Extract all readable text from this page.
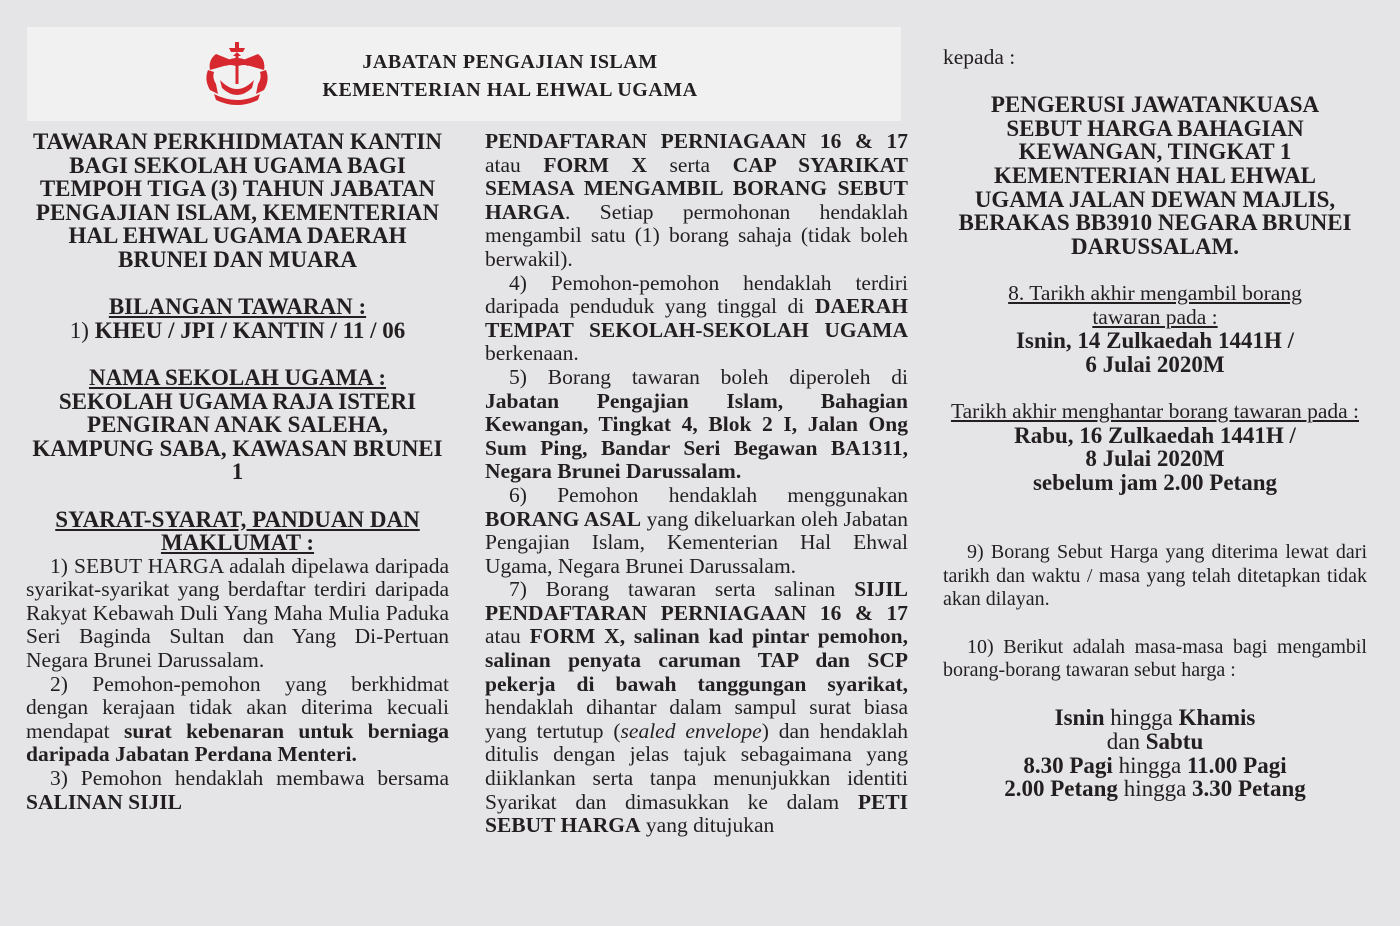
JABATAN PENGAJIAN ISLAM
KEMENTERIAN HAL EHWAL UGAMA

TAWARAN PERKHIDMATAN KANTIN BAGI SEKOLAH UGAMA BAGI TEMPOH TIGA (3) TAHUN JABATAN PENGAJIAN ISLAM, KEMENTERIAN HAL EHWAL UGAMA DAERAH BRUNEI DAN MUARA

BILANGAN TAWARAN :

1) KHEU / JPI / KANTIN / 11 / 06

NAMA SEKOLAH UGAMA :

SEKOLAH UGAMA RAJA ISTERI PENGIRAN ANAK SALEHA, KAMPUNG SABA, KAWASAN BRUNEI 1

SYARAT-SYARAT, PANDUAN DAN MAKLUMAT :

1) SEBUT HARGA adalah dipelawa daripada syarikat-syarikat yang berdaftar terdiri daripada Rakyat Kebawah Duli Yang Maha Mulia Paduka Seri Baginda Sultan dan Yang Di-Pertuan Negara Brunei Darussalam.

2) Pemohon-pemohon yang berkhidmat dengan kerajaan tidak akan diterima kecuali mendapat surat kebenaran untuk berniaga daripada Jabatan Perdana Menteri.

3) Pemohon hendaklah membawa bersama SALINAN SIJIL

PENDAFTARAN PERNIAGAAN 16 & 17 atau FORM X serta CAP SYARIKAT SEMASA MENGAMBIL BORANG SEBUT HARGA. Setiap permohonan hendaklah mengambil satu (1) borang sahaja (tidak boleh berwakil).

4) Pemohon-pemohon hendaklah terdiri daripada penduduk yang tinggal di DAERAH TEMPAT SEKOLAH-SEKOLAH UGAMA berkenaan.

5) Borang tawaran boleh diperoleh di Jabatan Pengajian Islam, Bahagian Kewangan, Tingkat 4, Blok 2 I, Jalan Ong Sum Ping, Bandar Seri Begawan BA1311, Negara Brunei Darussalam.

6) Pemohon hendaklah menggunakan BORANG ASAL yang dikeluarkan oleh Jabatan Pengajian Islam, Kementerian Hal Ehwal Ugama, Negara Brunei Darussalam.

7) Borang tawaran serta salinan SIJIL PENDAFTARAN PERNIAGAAN 16 & 17 atau FORM X, salinan kad pintar pemohon, salinan penyata caruman TAP dan SCP pekerja di bawah tanggungan syarikat, hendaklah dihantar dalam sampul surat biasa yang tertutup (sealed envelope) dan hendaklah ditulis dengan jelas tajuk sebagaimana yang diiklankan serta tanpa menunjukkan identiti Syarikat dan dimasukkan ke dalam PETI SEBUT HARGA yang ditujukan

kepada :

PENGERUSI JAWATANKUASA SEBUT HARGA BAHAGIAN KEWANGAN, TINGKAT 1 KEMENTERIAN HAL EHWAL UGAMA JALAN DEWAN MAJLIS, BERAKAS BB3910 NEGARA BRUNEI DARUSSALAM.

8. Tarikh akhir mengambil borang tawaran pada :

Isnin, 14 Zulkaedah 1441H /

6 Julai 2020M

Tarikh akhir menghantar borang tawaran pada :

Rabu, 16 Zulkaedah 1441H /

8 Julai 2020M

sebelum jam 2.00 Petang

9) Borang Sebut Harga yang diterima lewat dari tarikh dan waktu / masa yang telah ditetapkan tidak akan dilayan.

10) Berikut adalah masa-masa bagi mengambil borang-borang tawaran sebut harga :

Isnin hingga Khamis
dan Sabtu

8.30 Pagi hingga 11.00 Pagi

2.00 Petang hingga 3.30 Petang
